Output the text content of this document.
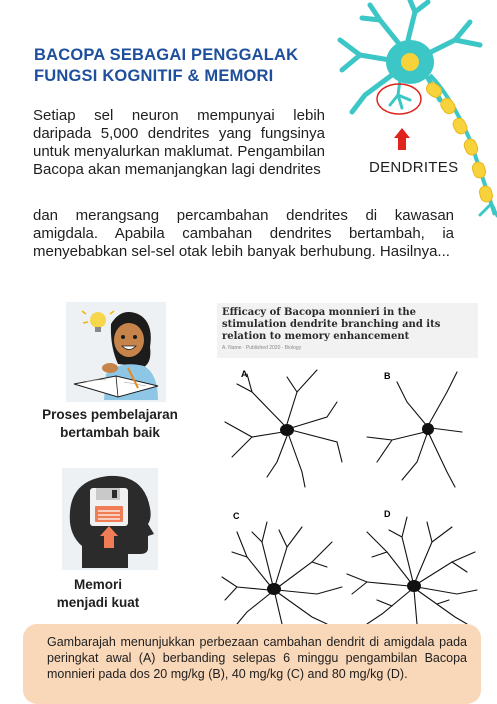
BACOPA SEBAGAI PENGGALAK
FUNGSI KOGNITIF & MEMORI
Setiap sel neuron mempunyai lebih daripada 5,000 dendrites yang fungsinya untuk menyalurkan maklumat. Pengambilan Bacopa akan memanjangkan lagi dendrites	DENDRITES
dan merangsang percambahan dendrites di kawasan amigdala. Apabila cambahan dendrites bertambah, ia menyebabkan sel-sel otak lebih banyak berhubung. Hasilnya...
Proses pembelajaran
bertambah baik
Memori
menjadi kuat
Efficacy of Bacopa monnieri in the stimulation dendrite branching and its relation to memory enhancement
A. Name · Published 2020 · Biology
A	B
C	D
Gambarajah menunjukkan perbezaan cambahan dendrit di amigdala pada peringkat awal (A) berbanding selepas 6 minggu pengambilan Bacopa monnieri pada dos 20 mg/kg (B), 40 mg/kg (C) and 80 mg/kg (D).
